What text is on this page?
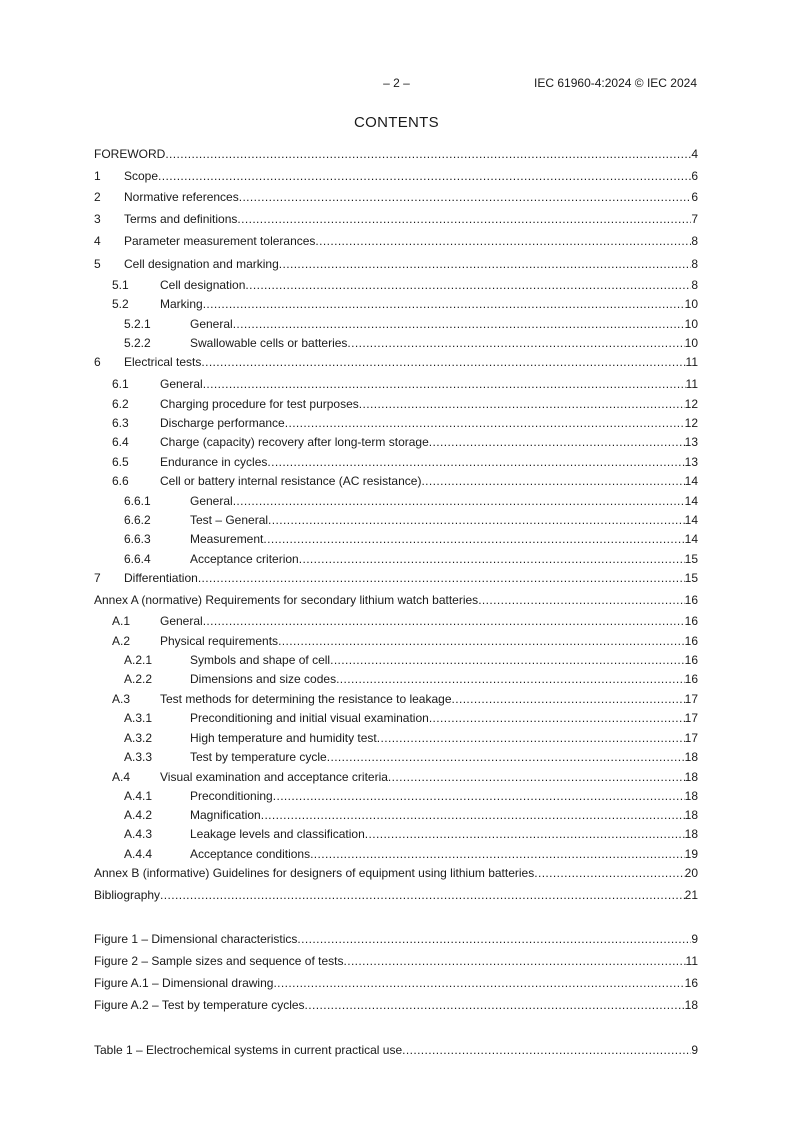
– 2 –	IEC 61960-4:2024 © IEC 2024
CONTENTS
FOREWORD .....	4
1	Scope .....	6
2	Normative references .....	6
3	Terms and definitions .....	7
4	Parameter measurement tolerances .....	8
5	Cell designation and marking .....	8
5.1	Cell designation .....	8
5.2	Marking .....	10
5.2.1	General .....	10
5.2.2	Swallowable cells or batteries .....	10
6	Electrical tests .....	11
6.1	General .....	11
6.2	Charging procedure for test purposes .....	12
6.3	Discharge performance .....	12
6.4	Charge (capacity) recovery after long-term storage .....	13
6.5	Endurance in cycles .....	13
6.6	Cell or battery internal resistance (AC resistance) .....	14
6.6.1	General .....	14
6.6.2	Test – General .....	14
6.6.3	Measurement .....	14
6.6.4	Acceptance criterion .....	15
7	Differentiation .....	15
Annex A (normative) Requirements for secondary lithium watch batteries .....	16
A.1	General .....	16
A.2	Physical requirements .....	16
A.2.1	Symbols and shape of cell .....	16
A.2.2	Dimensions and size codes .....	16
A.3	Test methods for determining the resistance to leakage .....	17
A.3.1	Preconditioning and initial visual examination .....	17
A.3.2	High temperature and humidity test .....	17
A.3.3	Test by temperature cycle .....	18
A.4	Visual examination and acceptance criteria .....	18
A.4.1	Preconditioning .....	18
A.4.2	Magnification .....	18
A.4.3	Leakage levels and classification .....	18
A.4.4	Acceptance conditions .....	19
Annex B (informative) Guidelines for designers of equipment using lithium batteries .....	20
Bibliography .....	21
Figure 1 – Dimensional characteristics .....	9
Figure 2 – Sample sizes and sequence of tests .....	11
Figure A.1 – Dimensional drawing .....	16
Figure A.2 – Test by temperature cycles .....	18
Table 1 – Electrochemical systems in current practical use .....	9
